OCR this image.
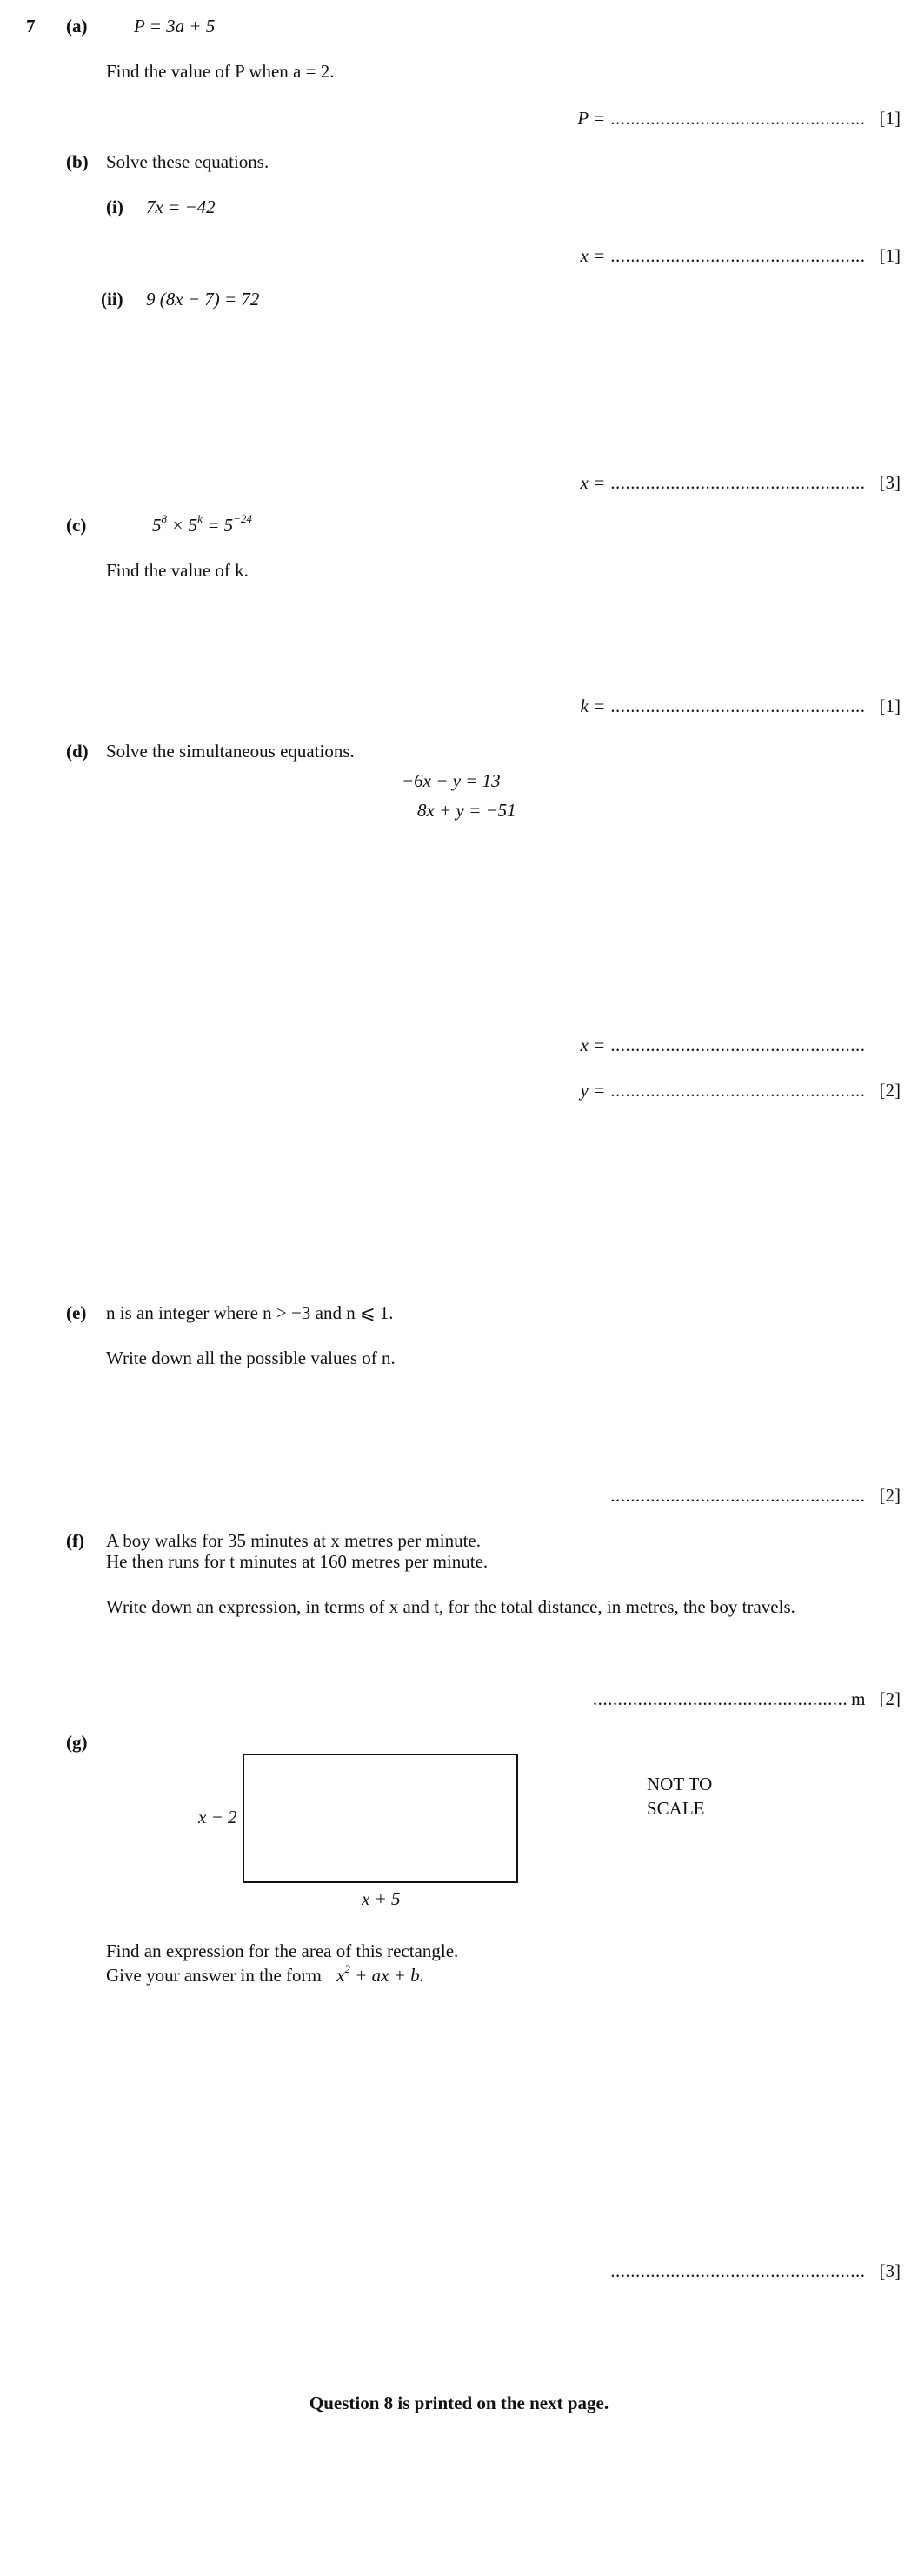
7 (a)	P = 3a + 5
Find the value of P when a = 2.
P = ................................................... [1]
(b) Solve these equations.
(i) 7x = −42
x = ................................................... [1]
(ii) 9 (8x − 7) = 72
x = ................................................... [3]
(c)	$5^8 \times 5^k = 5^{-24}$
Find the value of k.
k = ................................................... [1]
(d) Solve the simultaneous equations.
−6x − y = 13
8x + y = −51
x = ...................................................
y = ................................................... [2]
(e) n is an integer where n > −3 and n ⩽ 1.
Write down all the possible values of n.
................................................... [2]
(f) A boy walks for 35 minutes at x metres per minute.
He then runs for t minutes at 160 metres per minute.
Write down an expression, in terms of x and t, for the total distance, in metres, the boy travels.
................................................... m [2]
(g)
x − 2
x + 5
NOT TO
SCALE
Find an expression for the area of this rectangle.
Give your answer in the form $x^2$ + ax + b.
................................................... [3]
Question 8 is printed on the next page.
